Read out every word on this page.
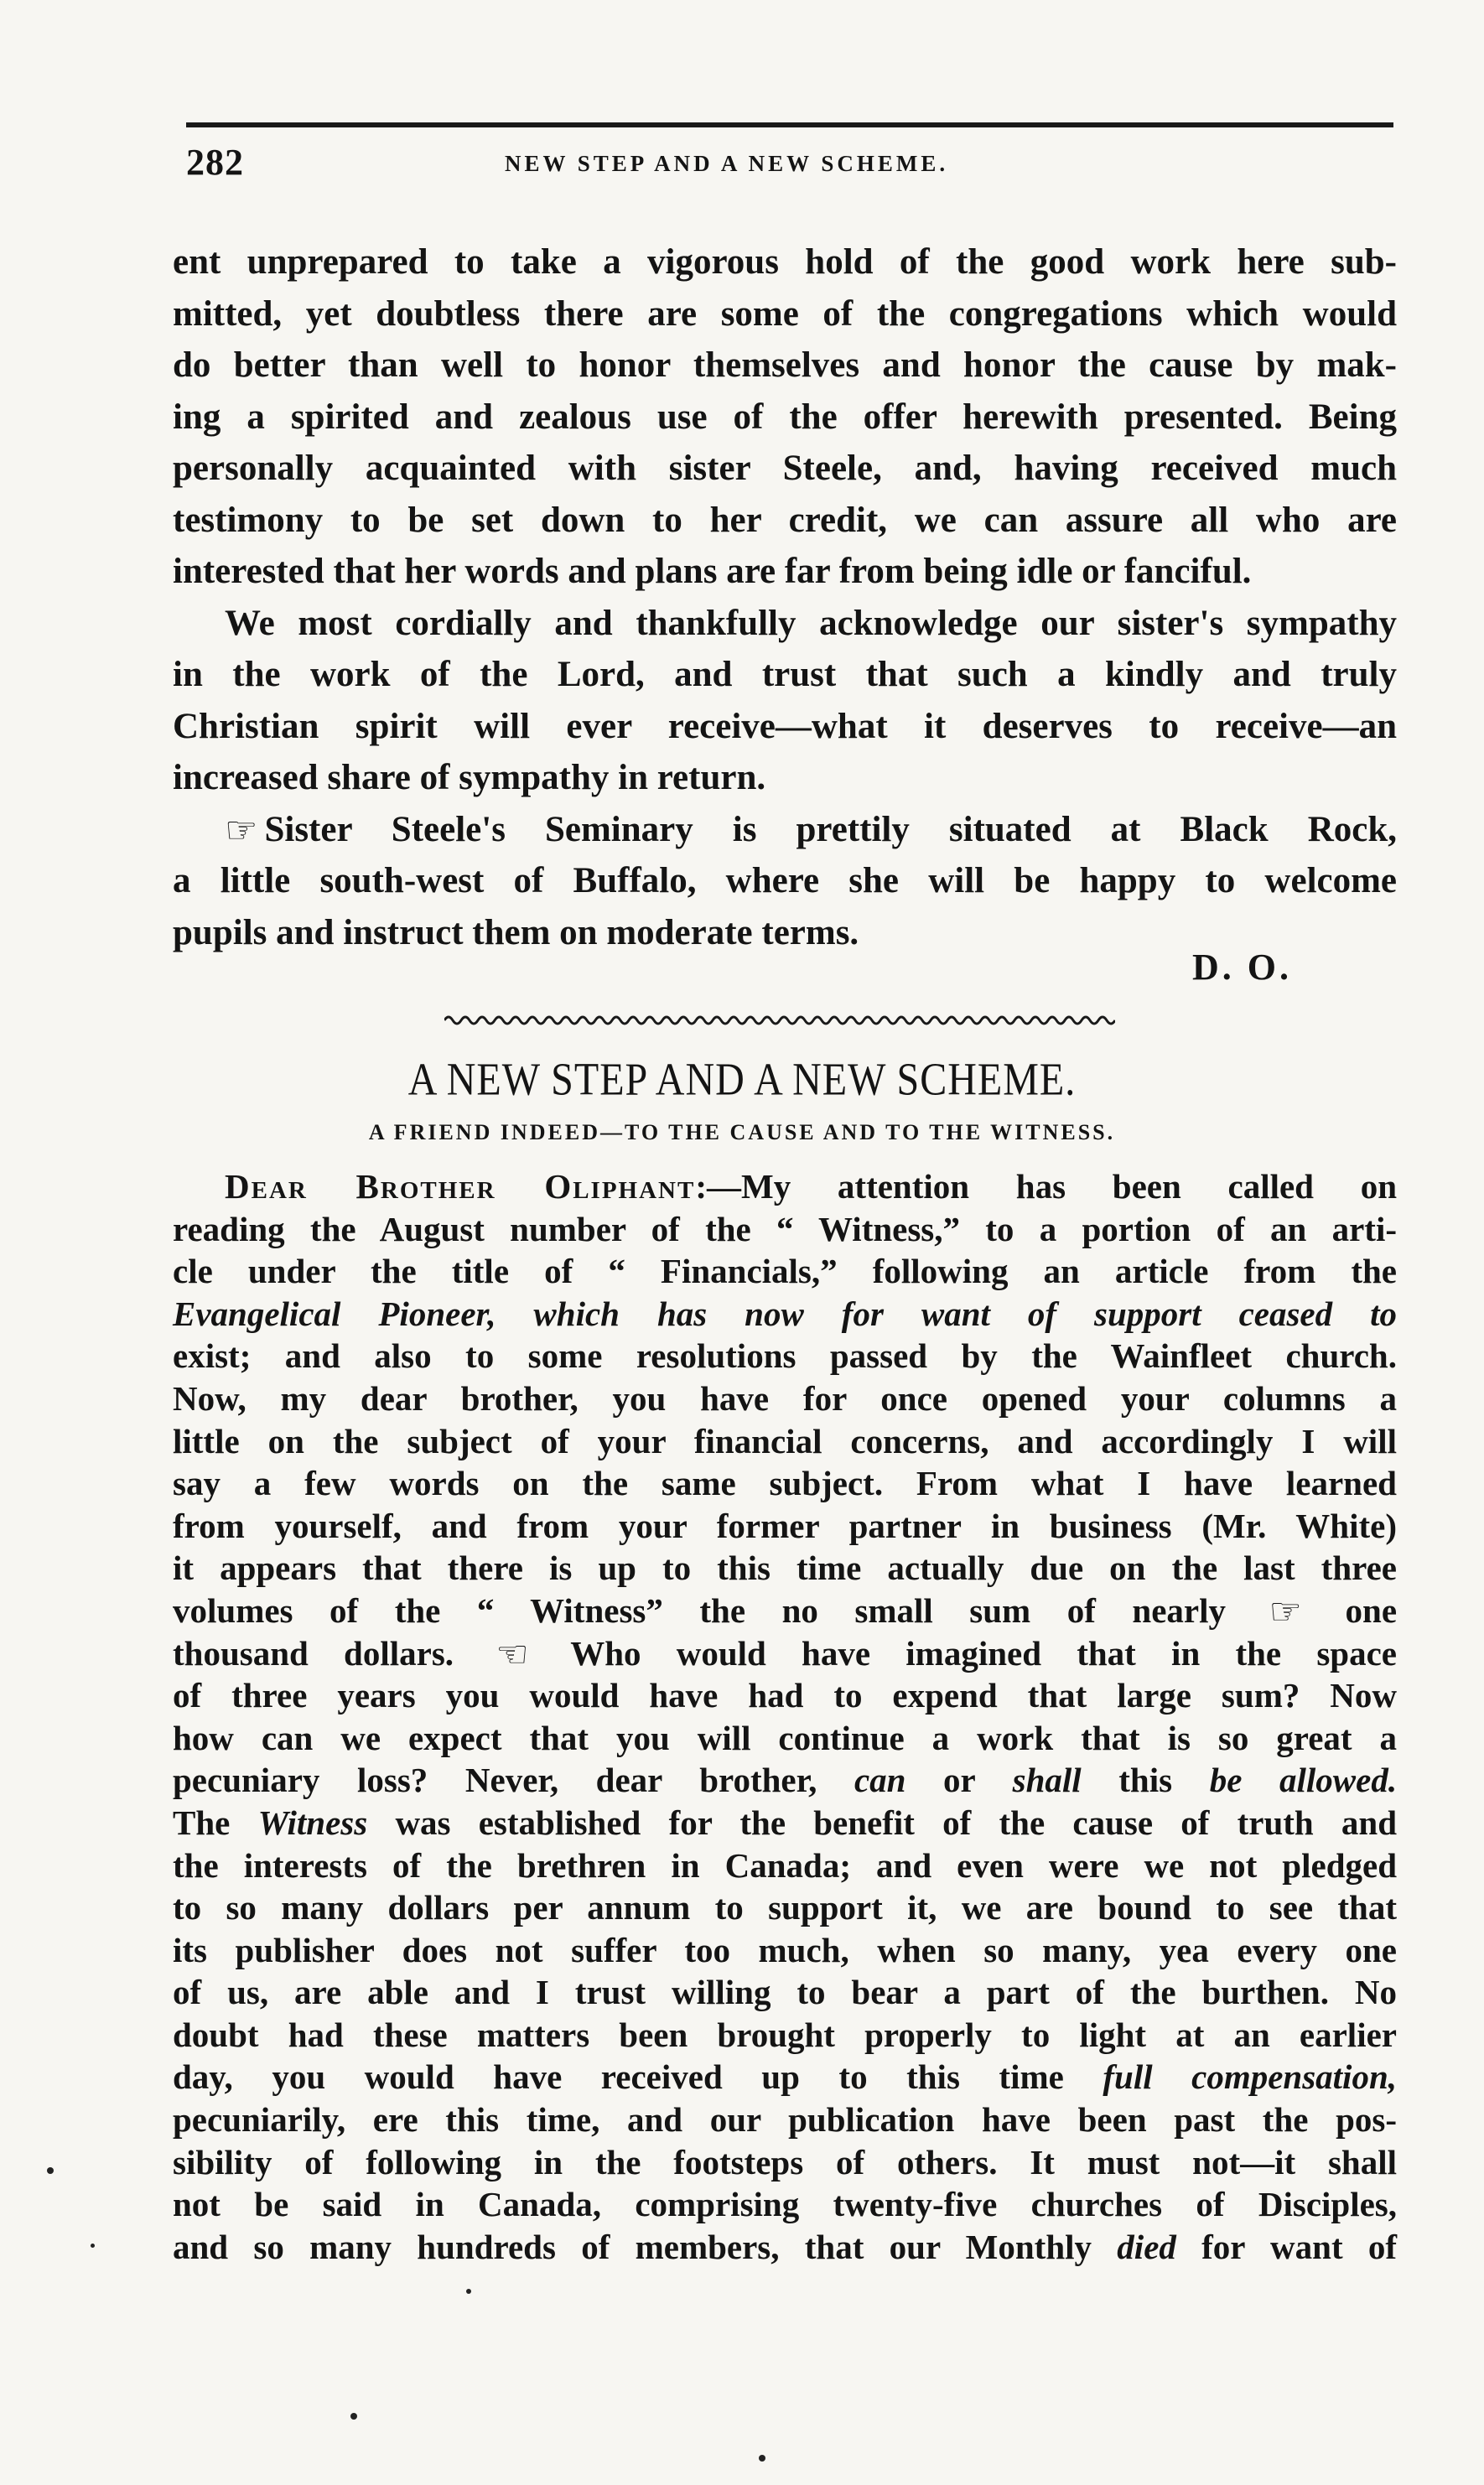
282	NEW STEP AND A NEW SCHEME.
ent unprepared to take a vigorous hold of the good work here sub-
mitted, yet doubtless there are some of the congregations which would
do better than well to honor themselves and honor the cause by mak-
ing a spirited and zealous use of the offer herewith presented. Being
personally acquainted with sister Steele, and, having received much
testimony to be set down to her credit, we can assure all who are
interested that her words and plans are far from being idle or fanciful.
We most cordially and thankfully acknowledge our sister's sympathy
in the work of the Lord, and trust that such a kindly and truly
Christian spirit will ever receive—what it deserves to receive—an
increased share of sympathy in return.
☞ Sister Steele's Seminary is prettily situated at Black Rock,
a little south-west of Buffalo, where she will be happy to welcome
pupils and instruct them on moderate terms.
D. O.
A NEW STEP AND A NEW SCHEME.
A FRIEND INDEED—TO THE CAUSE AND TO THE WITNESS.
Dear Brother Oliphant:—My attention has been called on
reading the August number of the “ Witness,” to a portion of an arti-
cle under the title of “ Financials,” following an article from the
Evangelical Pioneer, which has now for want of support ceased to
exist; and also to some resolutions passed by the Wainfleet church.
Now, my dear brother, you have for once opened your columns a
little on the subject of your financial concerns, and accordingly I will
say a few words on the same subject. From what I have learned
from yourself, and from your former partner in business (Mr. White)
it appears that there is up to this time actually due on the last three
volumes of the “ Witness” the no small sum of nearly ☞ one
thousand dollars. ☜ Who would have imagined that in the space
of three years you would have had to expend that large sum? Now
how can we expect that you will continue a work that is so great a
pecuniary loss? Never, dear brother, can or shall this be allowed.
The Witness was established for the benefit of the cause of truth and
the interests of the brethren in Canada; and even were we not pledged
to so many dollars per annum to support it, we are bound to see that
its publisher does not suffer too much, when so many, yea every one
of us, are able and I trust willing to bear a part of the burthen. No
doubt had these matters been brought properly to light at an earlier
day, you would have received up to this time full compensation,
pecuniarily, ere this time, and our publication have been past the pos-
sibility of following in the footsteps of others. It must not—it shall
not be said in Canada, comprising twenty-five churches of Disciples,
and so many hundreds of members, that our Monthly died for want of
